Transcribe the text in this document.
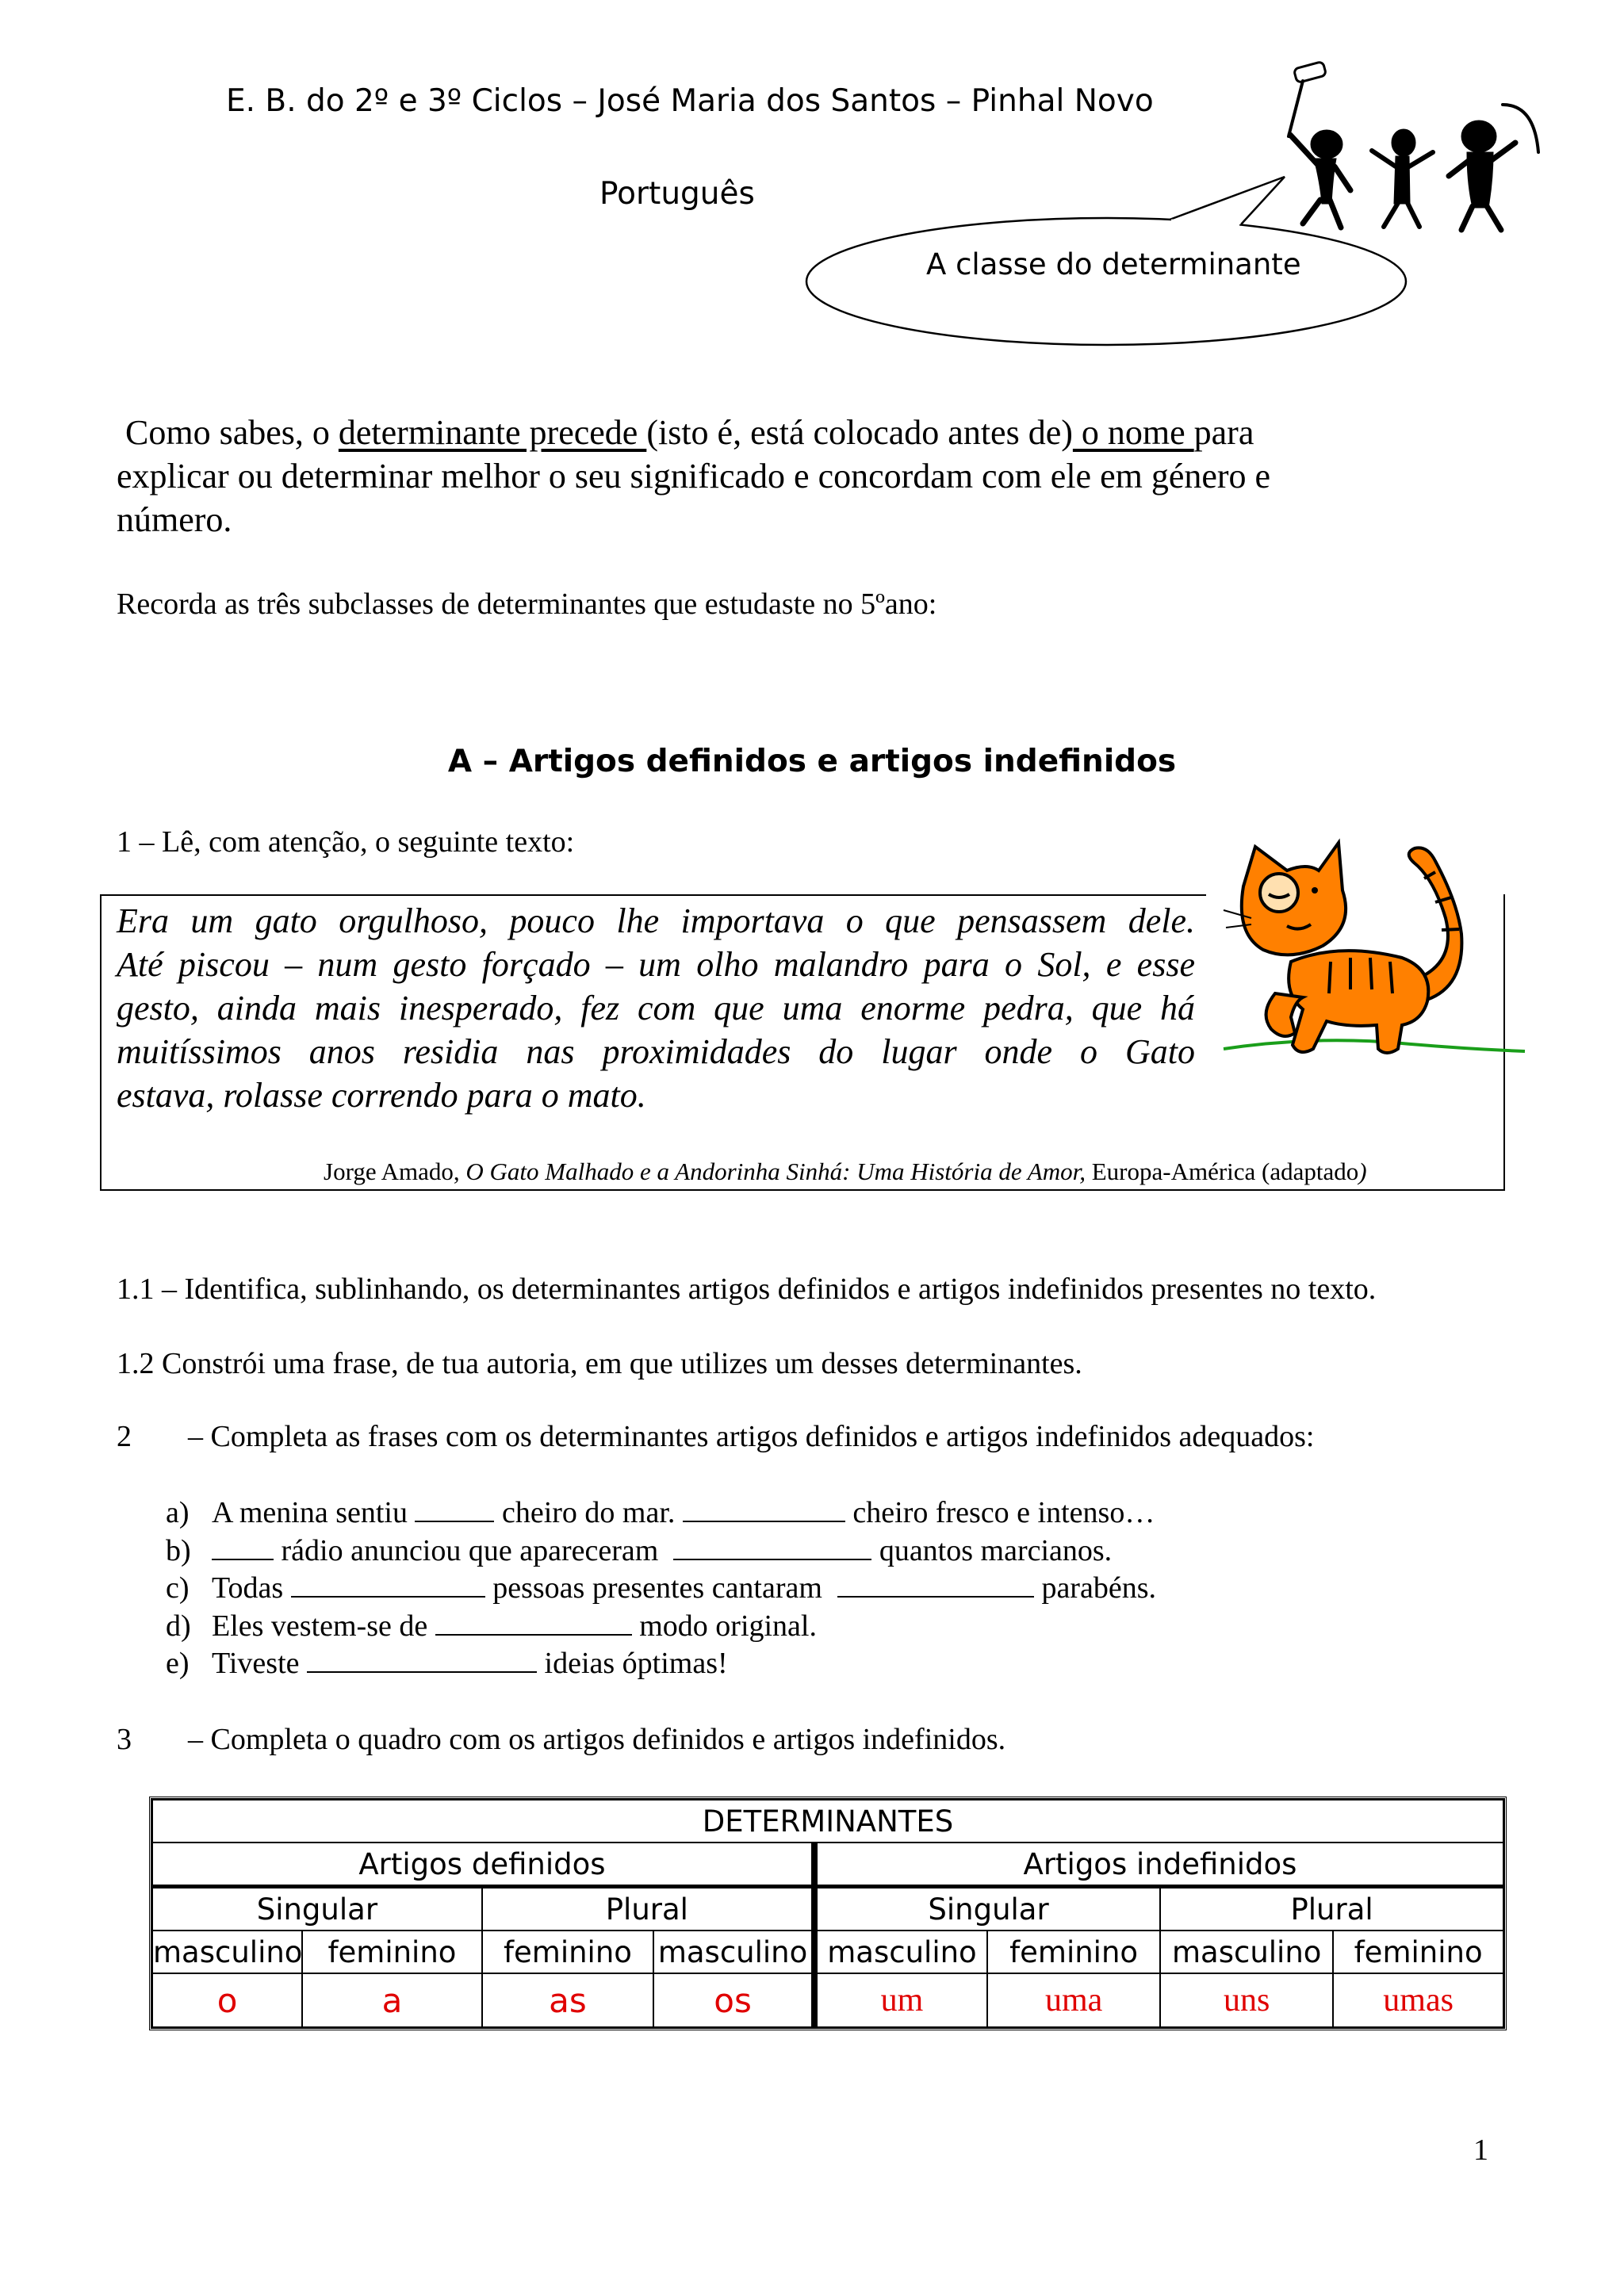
E. B. do 2º e 3º Ciclos – José Maria dos Santos – Pinhal Novo
Português
A classe do determinante
Como sabes, o determinante precede (isto é, está colocado antes de) o nome para
explicar ou determinar melhor o seu significado e concordam com ele em género e
número.
Recorda as três subclasses de determinantes que estudaste no 5ºano:
A – Artigos definidos e artigos indefinidos
1 – Lê, com atenção, o seguinte texto:
Era um gato orgulhoso, pouco lhe importava o que pensassem dele.
Até piscou – num gesto forçado – um olho malandro para o Sol, e esse
gesto, ainda mais inesperado, fez com que uma enorme pedra, que há
muitíssimos anos residia nas proximidades do lugar onde o Gato
estava, rolasse correndo para o mato.
Jorge Amado, O Gato Malhado e a Andorinha Sinhá: Uma História de Amor, Europa-América (adaptado)
1.1 – Identifica, sublinhando, os determinantes artigos definidos e artigos indefinidos presentes no texto.
1.2 Constrói uma frase, de tua autoria, em que utilizes um desses determinantes.
2 – Completa as frases com os determinantes artigos definidos e artigos indefinidos adequados:
a) A menina sentiu	cheiro do mar.	cheiro fresco e intenso…
b)	rádio anunciou que apareceram	quantos marcianos.
c) Todas	pessoas presentes cantaram	parabéns.
d) Eles vestem-se de	modo original.
e) Tiveste	ideias óptimas!
3 – Completa o quadro com os artigos definidos e artigos indefinidos.
DETERMINANTES							
Artigos definidos				Artigos indefinidos			
Singular		Plural		Singular		Plural	
masculino	feminino	feminino	masculino	masculino	feminino	masculino	feminino
o	a	as	os	um	uma	uns	umas
1
